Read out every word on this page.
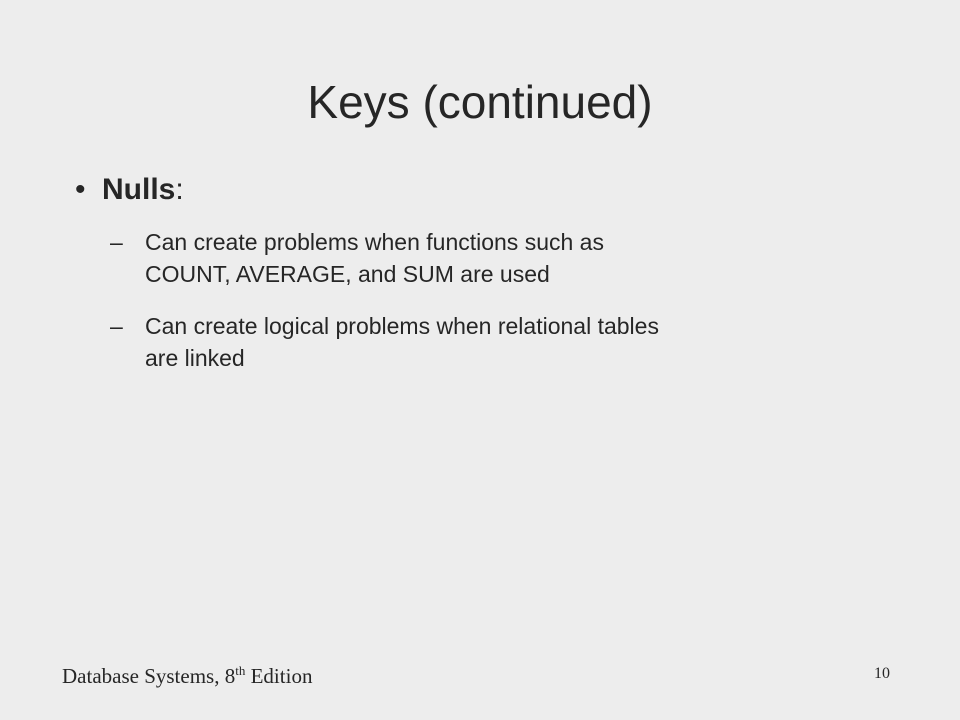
Keys (continued)
• Nulls:
– Can create problems when functions such as
COUNT, AVERAGE, and SUM are used
– Can create logical problems when relational tables
are linked
Database Systems, 8th Edition	10
